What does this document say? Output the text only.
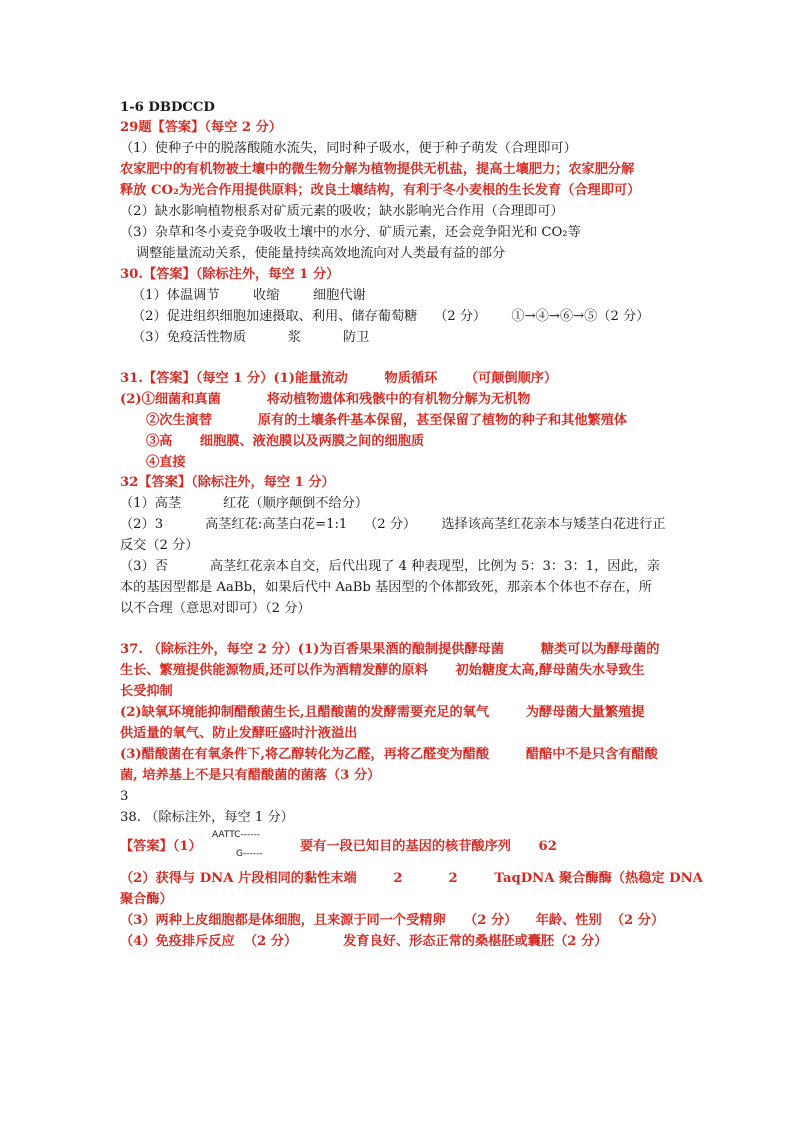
1-6 DBDCCD
29题【答案】（每空 2 分）
（1）使种子中的脱落酸随水流失，同时种子吸水，便于种子萌发（合理即可）
农家肥中的有机物被土壤中的微生物分解为植物提供无机盐，提高土壤肥力；农家肥分解
释放 CO₂为光合作用提供原料；改良土壤结构，有利于冬小麦根的生长发育（合理即可）
（2）缺水影响植物根系对矿质元素的吸收；缺水影响光合作用（合理即可）
（3）杂草和冬小麦竞争吸收土壤中的水分、矿质元素，还会竞争阳光和 CO₂等
调整能量流动关系，使能量持续高效地流向对人类最有益的部分
30.【答案】（除标注外，每空 1 分）
（1）体温调节        收缩        细胞代谢
（2）促进组织细胞加速摄取、利用、储存葡萄糖    （2 分）      ①→④→⑥→⑤（2 分）
（3）免疫活性物质          浆          防卫
31.【答案】（每空 1 分）(1)能量流动        物质循环      （可颠倒顺序）
(2)①细菌和真菌          将动植物遗体和残骸中的有机物分解为无机物
②次生演替          原有的土壤条件基本保留，甚至保留了植物的种子和其他繁殖体
③高      细胞膜、液泡膜以及两膜之间的细胞质
④直接
32【答案】（除标注外，每空 1 分）
（1）高茎          红花（顺序颠倒不给分）
（2）3          高茎红花:高茎白花=1:1    （2 分）      选择该高茎红花亲本与矮茎白花进行正
反交（2 分）
（3）否          高茎红花亲本自交，后代出现了 4 种表现型，比例为 5：3：3：1，因此，亲
本的基因型都是 AaBb，如果后代中 AaBb 基因型的个体都致死，那亲本个体也不存在，所
以不合理（意思对即可）（2 分）
37. （除标注外，每空 2 分）(1)为百香果果酒的酿制提供酵母菌        糖类可以为酵母菌的
生长、繁殖提供能源物质,还可以作为酒精发酵的原料      初始糖度太高,酵母菌失水导致生
长受抑制
(2)缺氧环境能抑制醋酸菌生长,且醋酸菌的发酵需要充足的氧气        为酵母菌大量繁殖提
供适量的氧气、防止发酵旺盛时汁液溢出
(3)醋酸菌在有氧条件下,将乙醇转化为乙醛，再将乙醛变为醋酸        醋醅中不是只含有醋酸
菌, 培养基上不是只有醋酸菌的菌落（3 分）
3
38. （除标注外，每空 1 分）
【答案】（1）
AATTC------
G------	要有一段已知目的基因的核苷酸序列      62
（2）获得与 DNA 片段相同的黏性末端        2          2        TaqDNA 聚合酶酶（热稳定 DNA
聚合酶）
（3）两种上皮细胞都是体细胞，且来源于同一个受精卵    （2 分）    年龄、性别  （2 分）
（4）免疫排斥反应  （2 分）          发育良好、形态正常的桑椹胚或囊胚（2 分）
